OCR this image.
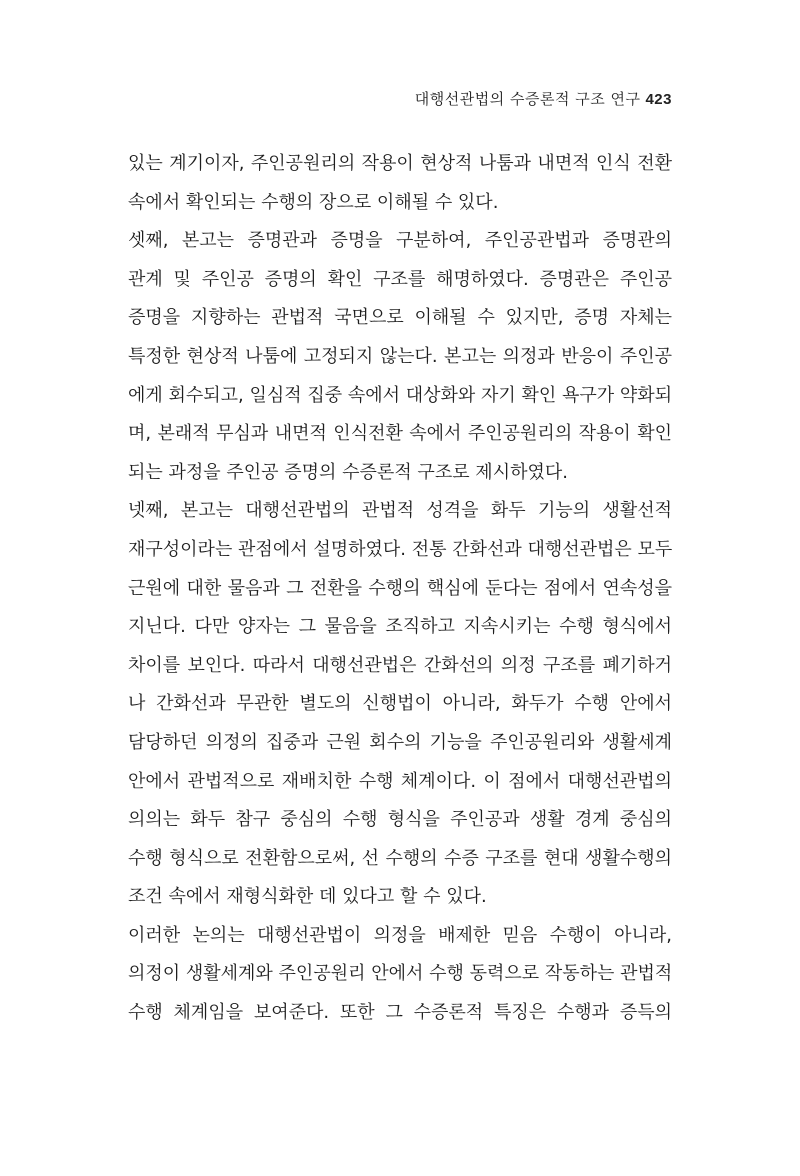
대행선관법의 수증론적 구조 연구 423
있는 계기이자, 주인공원리의 작용이 현상적 나툼과 내면적 인식 전환
속에서 확인되는 수행의 장으로 이해될 수 있다.
셋째, 본고는 증명관과 증명을 구분하여, 주인공관법과 증명관의
관계 및 주인공 증명의 확인 구조를 해명하였다. 증명관은 주인공
증명을 지향하는 관법적 국면으로 이해될 수 있지만, 증명 자체는
특정한 현상적 나툼에 고정되지 않는다. 본고는 의정과 반응이 주인공
에게 회수되고, 일심적 집중 속에서 대상화와 자기 확인 욕구가 약화되
며, 본래적 무심과 내면적 인식전환 속에서 주인공원리의 작용이 확인
되는 과정을 주인공 증명의 수증론적 구조로 제시하였다.
넷째, 본고는 대행선관법의 관법적 성격을 화두 기능의 생활선적
재구성이라는 관점에서 설명하였다. 전통 간화선과 대행선관법은 모두
근원에 대한 물음과 그 전환을 수행의 핵심에 둔다는 점에서 연속성을
지닌다. 다만 양자는 그 물음을 조직하고 지속시키는 수행 형식에서
차이를 보인다. 따라서 대행선관법은 간화선의 의정 구조를 폐기하거
나 간화선과 무관한 별도의 신행법이 아니라, 화두가 수행 안에서
담당하던 의정의 집중과 근원 회수의 기능을 주인공원리와 생활세계
안에서 관법적으로 재배치한 수행 체계이다. 이 점에서 대행선관법의
의의는 화두 참구 중심의 수행 형식을 주인공과 생활 경계 중심의
수행 형식으로 전환함으로써, 선 수행의 수증 구조를 현대 생활수행의
조건 속에서 재형식화한 데 있다고 할 수 있다.
이러한 논의는 대행선관법이 의정을 배제한 믿음 수행이 아니라,
의정이 생활세계와 주인공원리 안에서 수행 동력으로 작동하는 관법적
수행 체계임을 보여준다. 또한 그 수증론적 특징은 수행과 증득의
